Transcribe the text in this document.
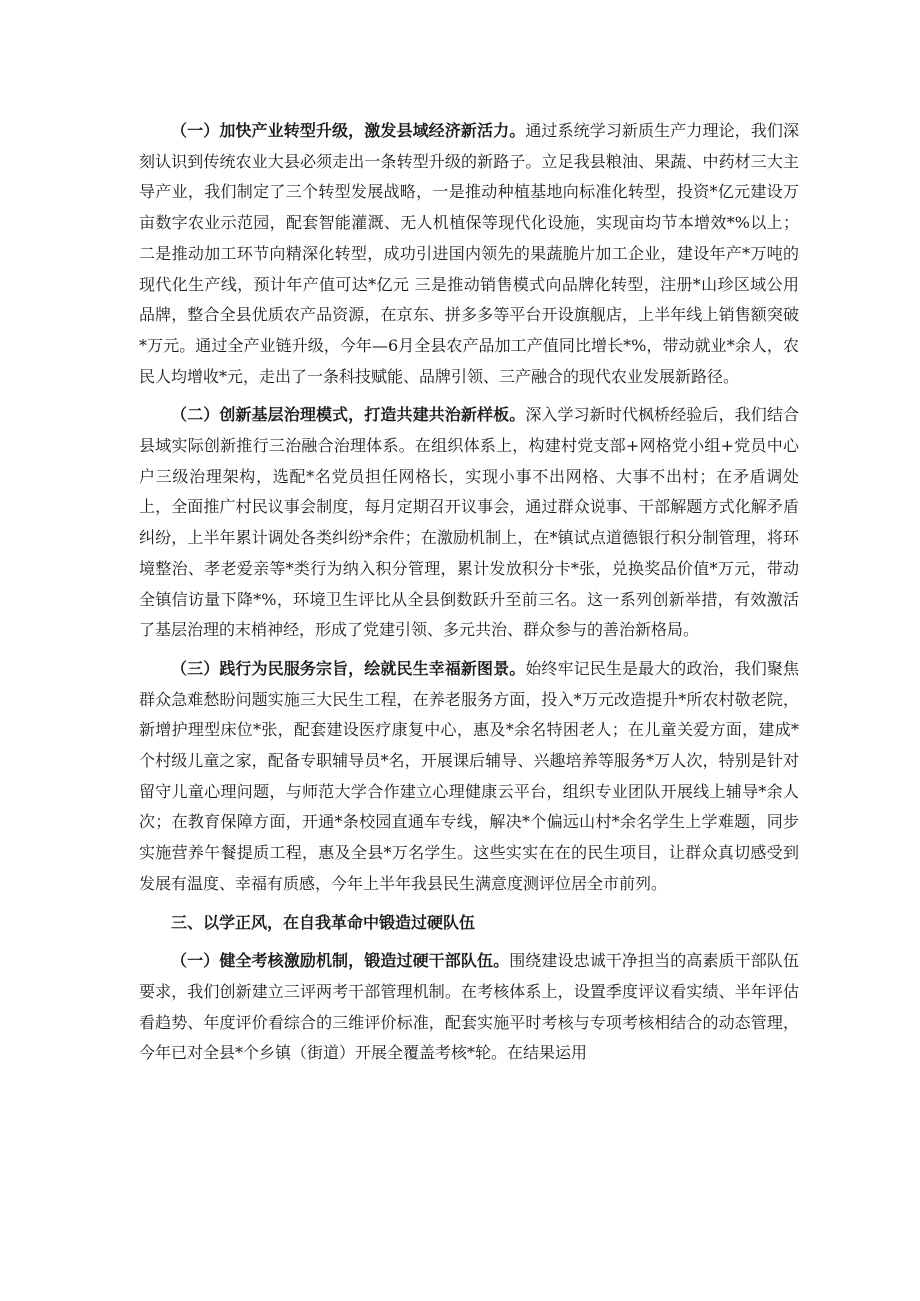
（一）加快产业转型升级，激发县域经济新活力。通过系统学习新质生产力理论，我们深刻认识到传统农业大县必须走出一条转型升级的新路子。立足我县粮油、果蔬、中药材三大主导产业，我们制定了三个转型发展战略，一是推动种植基地向标准化转型，投资*亿元建设万亩数字农业示范园，配套智能灌溉、无人机植保等现代化设施，实现亩均节本增效*%以上；二是推动加工环节向精深化转型，成功引进国内领先的果蔬脆片加工企业，建设年产*万吨的现代化生产线，预计年产值可达*亿元 三是推动销售模式向品牌化转型，注册*山珍区域公用品牌，整合全县优质农产品资源，在京东、拼多多等平台开设旗舰店，上半年线上销售额突破*万元。通过全产业链升级，今年—6月全县农产品加工产值同比增长*%，带动就业*余人，农民人均增收*元，走出了一条科技赋能、品牌引领、三产融合的现代农业发展新路径。

（二）创新基层治理模式，打造共建共治新样板。深入学习新时代枫桥经验后，我们结合县域实际创新推行三治融合治理体系。在组织体系上，构建村党支部+网格党小组+党员中心户三级治理架构，选配*名党员担任网格长，实现小事不出网格、大事不出村；在矛盾调处上，全面推广村民议事会制度，每月定期召开议事会，通过群众说事、干部解题方式化解矛盾纠纷，上半年累计调处各类纠纷*余件；在激励机制上，在*镇试点道德银行积分制管理，将环境整治、孝老爱亲等*类行为纳入积分管理，累计发放积分卡*张，兑换奖品价值*万元，带动全镇信访量下降*%，环境卫生评比从全县倒数跃升至前三名。这一系列创新举措，有效激活了基层治理的末梢神经，形成了党建引领、多元共治、群众参与的善治新格局。

（三）践行为民服务宗旨，绘就民生幸福新图景。始终牢记民生是最大的政治，我们聚焦群众急难愁盼问题实施三大民生工程，在养老服务方面，投入*万元改造提升*所农村敬老院，新增护理型床位*张，配套建设医疗康复中心，惠及*余名特困老人；在儿童关爱方面，建成*个村级儿童之家，配备专职辅导员*名，开展课后辅导、兴趣培养等服务*万人次，特别是针对留守儿童心理问题，与师范大学合作建立心理健康云平台，组织专业团队开展线上辅导*余人次；在教育保障方面，开通*条校园直通车专线，解决*个偏远山村*余名学生上学难题，同步实施营养午餐提质工程，惠及全县*万名学生。这些实实在在的民生项目，让群众真切感受到发展有温度、幸福有质感，今年上半年我县民生满意度测评位居全市前列。

三、以学正风，在自我革命中锻造过硬队伍

（一）健全考核激励机制，锻造过硬干部队伍。围绕建设忠诚干净担当的高素质干部队伍要求，我们创新建立三评两考干部管理机制。在考核体系上，设置季度评议看实绩、半年评估看趋势、年度评价看综合的三维评价标准，配套实施平时考核与专项考核相结合的动态管理，今年已对全县*个乡镇（街道）开展全覆盖考核*轮。在结果运用
